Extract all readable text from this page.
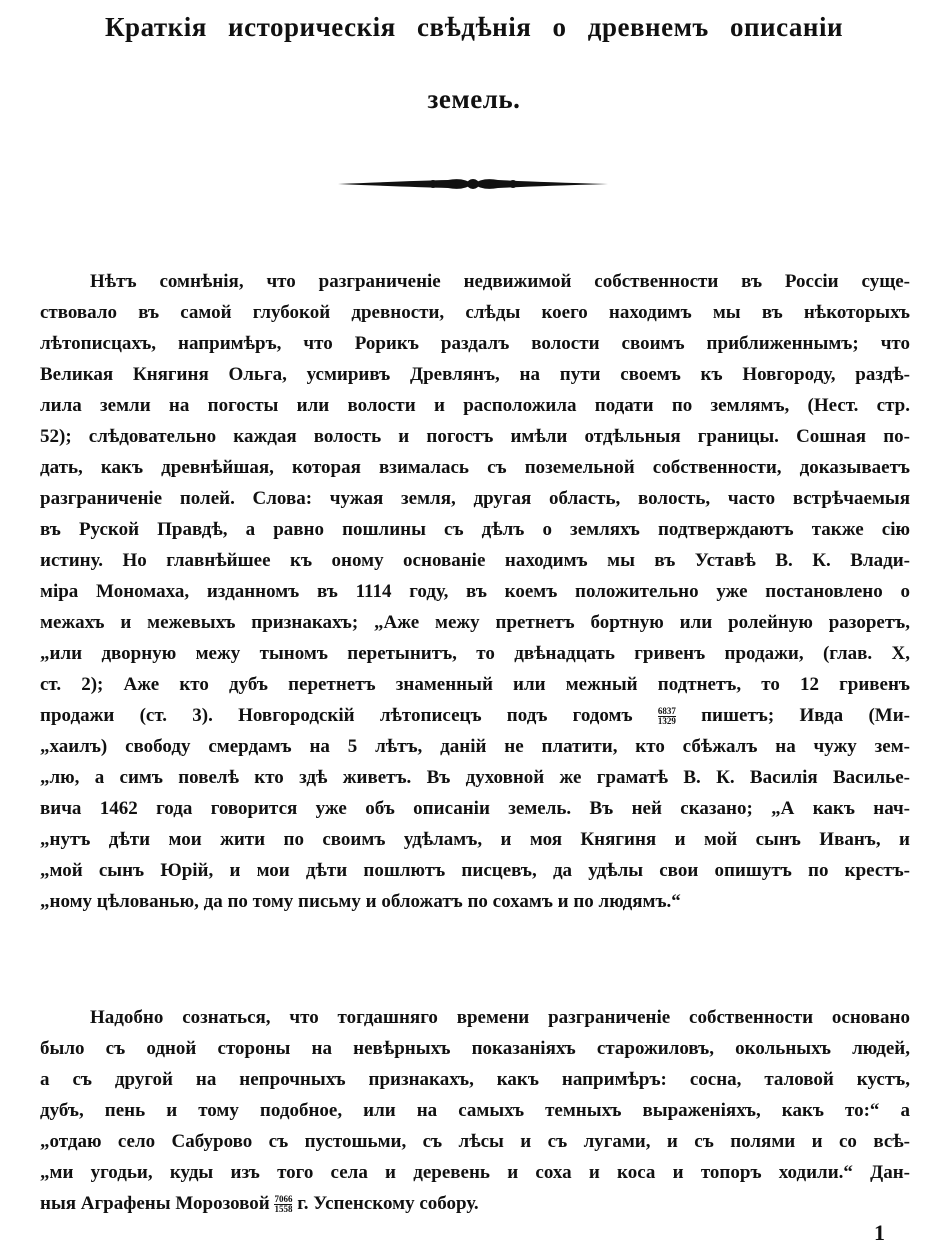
Краткія историческія свѣдѣнія о древнемъ описаніи
земель.
Нѣтъ сомнѣнія, что разграниченіе недвижимой собственности въ Россіи суще-
ствовало въ самой глубокой древности, слѣды коего находимъ мы въ нѣкоторыхъ
лѣтописцахъ, напримѣръ, что Рорикъ раздалъ волости своимъ приближеннымъ; что
Великая Княгиня Ольга, усмиривъ Древлянъ, на пути своемъ къ Новгороду, раздѣ-
лила земли на погосты или волости и расположила подати по землямъ, (Нест. стр.
52); слѣдовательно каждая волость и погостъ имѣли отдѣльныя границы. Сошная по-
дать, какъ древнѣйшая, которая взималась съ поземельной собственности, доказываетъ
разграниченіе полей. Слова: чужая земля, другая область, волость, часто встрѣчаемыя
въ Руской Правдѣ, а равно пошлины съ дѣлъ о земляхъ подтверждаютъ также сію
истину. Но главнѣйшее къ оному основаніе находимъ мы въ Уставѣ В. К. Влади-
міра Мономаха, изданномъ въ 1114 году, въ коемъ положительно уже постановлено о
межахъ и межевыхъ признакахъ; „Аже межу претнетъ бортную или ролейную разоретъ,
„или дворную межу тыномъ перетынитъ, то двѣнадцать гривенъ продажи, (глав. X,
ст. 2); Аже кто дубъ перетнетъ знаменный или межный подтнетъ, то 12 гривенъ
продажи (ст. 3). Новгородскій лѣтописецъ подъ годомъ	$\frac{6837}{1329}$ пишетъ; Ивда (Ми-
„хаилъ) свободу смердамъ на 5 лѣтъ, даній не платити, кто сбѣжалъ на чужу зем-
„лю, а симъ повелѣ кто здѣ живетъ. Въ духовной же граматѣ В. К. Василія Василье-
вича 1462 года говорится уже объ описаніи земель. Въ ней сказано; „А какъ нач-
„нутъ дѣти мои жити по своимъ удѣламъ, и моя Княгиня и мой сынъ Иванъ, и
„мой сынъ Юрій, и мои дѣти пошлютъ писцевъ, да удѣлы свои опишутъ по крестъ-
„ному цѣлованью, да по тому письму и обложатъ по сохамъ и по людямъ.“
Надобно сознаться, что тогдашняго времени разграниченіе собственности основано
было съ одной стороны на невѣрныхъ показаніяхъ старожиловъ, окольныхъ людей,
а съ другой на непрочныхъ признакахъ, какъ напримѣръ: сосна, таловой кустъ,
дубъ, пень и тому подобное, или на самыхъ темныхъ выраженіяхъ, какъ то:“ а
„отдаю село Сабурово съ пустошьми, съ лѣсы и съ лугами, и съ полями и со всѣ-
„ми угодьи, куды изъ того села и деревень и соха и коса и топоръ ходили.“ Дан-
ныя Аграфены Морозовой $\frac{7066}{1558} г$. Успенскому собору.
1
